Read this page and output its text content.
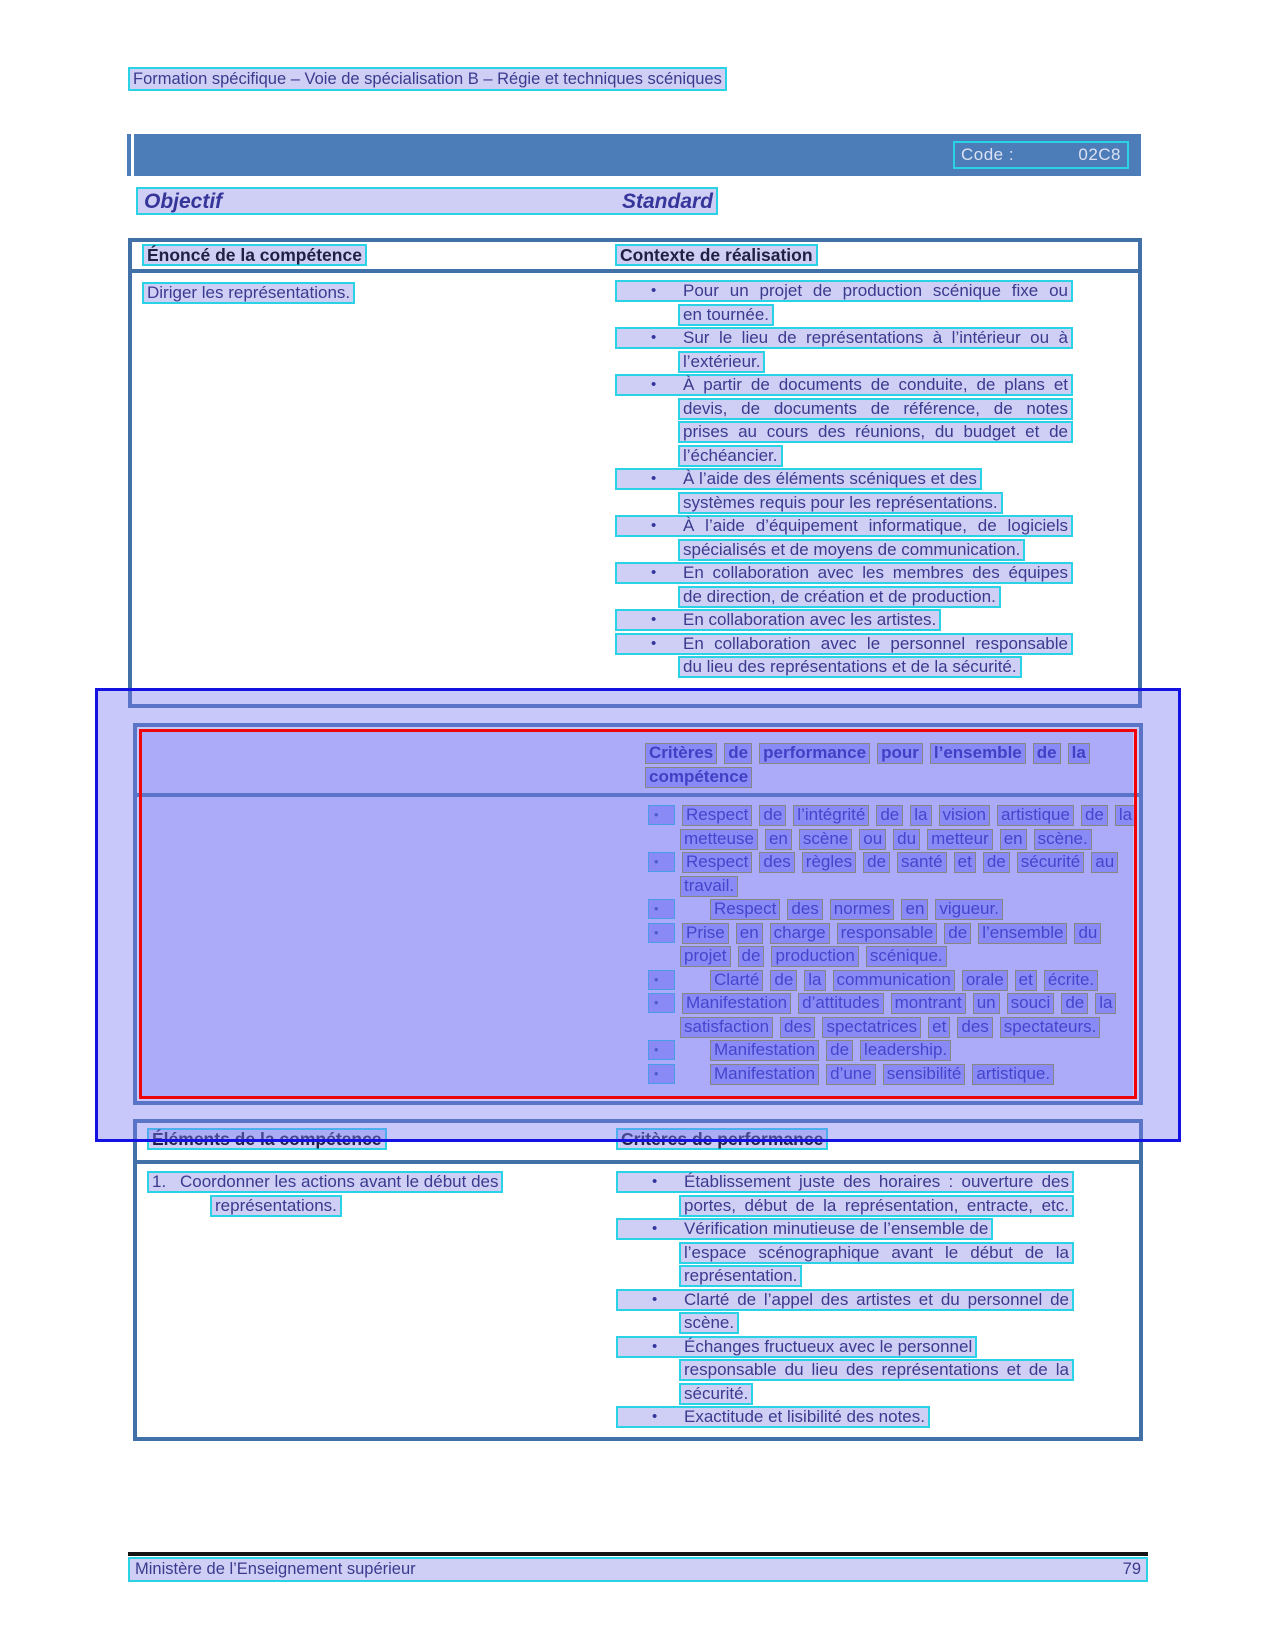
Formation spécifique – Voie de spécialisation B – Régie et techniques scéniques
Code :	02C8
Objectif	Standard
Énoncé de la compétence	Contexte de réalisation
Diriger les représentations.	•	Pour un projet de production scénique fixe ou
en tournée.
•	Sur le lieu de représentations à l’intérieur ou à
l’extérieur.
•	À partir de documents de conduite, de plans et
devis, de documents de référence, de notes
prises au cours des réunions, du budget et de
l’échéancier.
•	À l’aide des éléments scéniques et des
systèmes requis pour les représentations.
•	À l’aide d’équipement informatique, de logiciels
spécialisés et de moyens de communication.
•	En collaboration avec les membres des équipes
de direction, de création et de production.
•	En collaboration avec les artistes.
•	En collaboration avec le personnel responsable
du lieu des représentations et de la sécurité.
Critères de performance pour l’ensemble de la
compétence
•	Respect de l’intégrité de la vision artistique de la
metteuse en scène ou du metteur en scène.
•	Respect des règles de santé et de sécurité au
travail.
•	Respect des normes en vigueur.
•	Prise en charge responsable de l’ensemble du
projet de production scénique.
•	Clarté de la communication orale et écrite.
•	Manifestation d’attitudes montrant un souci de la
satisfaction des spectatrices et des spectateurs.
•	Manifestation de leadership.
•	Manifestation d’une sensibilité artistique.
Éléments de la compétence	Critères de performance
1. Coordonner les actions avant le début des
représentations.
•	Établissement juste des horaires : ouverture des
portes, début de la représentation, entracte, etc.
•	Vérification minutieuse de l’ensemble de
l’espace scénographique avant le début de la
représentation.
•	Clarté de l’appel des artistes et du personnel de
scène.
•	Échanges fructueux avec le personnel
responsable du lieu des représentations et de la
sécurité.
•	Exactitude et lisibilité des notes.
Ministère de l’Enseignement supérieur	79
